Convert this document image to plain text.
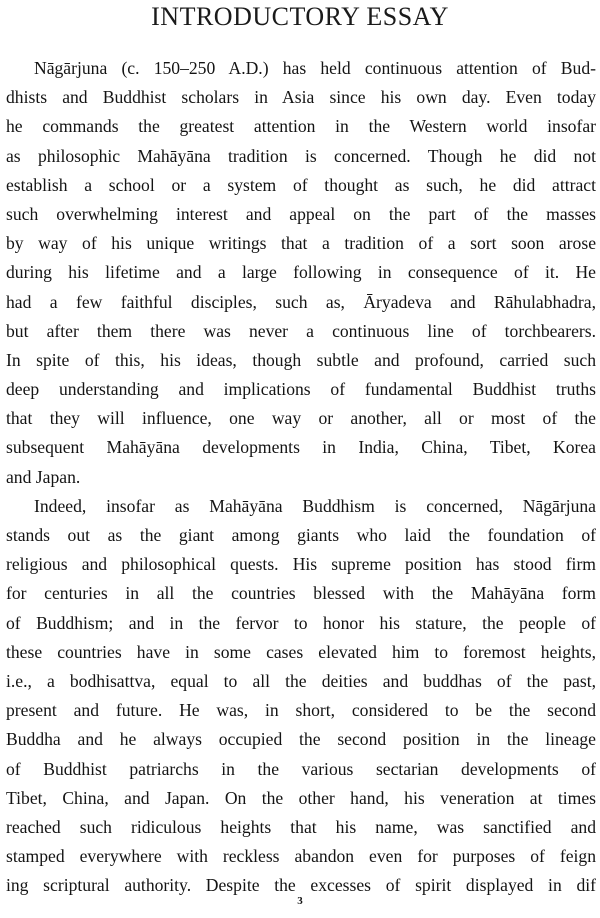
INTRODUCTORY ESSAY
Nāgārjuna (c. 150–250 A.D.) has held continuous attention of Bud-
dhists and Buddhist scholars in Asia since his own day. Even today
he commands the greatest attention in the Western world insofar
as philosophic Mahāyāna tradition is concerned. Though he did not
establish a school or a system of thought as such, he did attract
such overwhelming interest and appeal on the part of the masses
by way of his unique writings that a tradition of a sort soon arose
during his lifetime and a large following in consequence of it. He
had a few faithful disciples, such as, Āryadeva and Rāhulabhadra,
but after them there was never a continuous line of torchbearers.
In spite of this, his ideas, though subtle and profound, carried such
deep understanding and implications of fundamental Buddhist truths
that they will influence, one way or another, all or most of the
subsequent Mahāyāna developments in India, China, Tibet, Korea
and Japan.
Indeed, insofar as Mahāyāna Buddhism is concerned, Nāgārjuna
stands out as the giant among giants who laid the foundation of
religious and philosophical quests. His supreme position has stood firm
for centuries in all the countries blessed with the Mahāyāna form
of Buddhism; and in the fervor to honor his stature, the people of
these countries have in some cases elevated him to foremost heights,
i.e., a bodhisattva, equal to all the deities and buddhas of the past,
present and future. He was, in short, considered to be the second
Buddha and he always occupied the second position in the lineage
of Buddhist patriarchs in the various sectarian developments of
Tibet, China, and Japan. On the other hand, his veneration at times
reached such ridiculous heights that his name, was sanctified and
stamped everywhere with reckless abandon even for purposes of feign
ing scriptural authority. Despite the excesses of spirit displayed in dif
3
